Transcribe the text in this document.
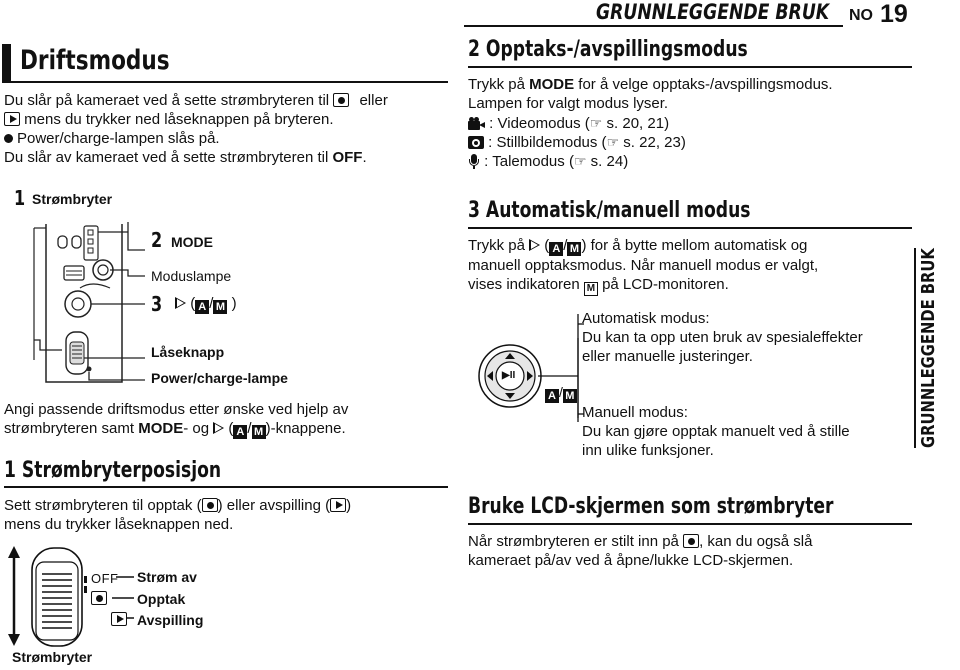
GRUNNLEGGENDE BRUK	NO 19
Driftsmodus
Du slår på kameraet ved å sette strømbryteren til eller
mens du trykker ned låseknappen på bryteren.
Power/charge-lampen slås på.
Du slår av kameraet ved å sette strømbryteren til OFF.
1 Strømbryter
2 MODE
Moduslampe
3 ( A / M )
Låseknapp
Power/charge-lampe
Angi passende driftsmodus etter ønske ved hjelp av
strømbryteren samt MODE- og ( A / M )-knappene.
1 Strømbryterposisjon
Sett strømbryteren til opptak ( ) eller avspilling ( )
mens du trykker låseknappen ned.
OFF
Strøm av
Opptak
Avspilling
Strømbryter
2 Opptaks-/avspillingsmodus
Trykk på MODE for å velge opptaks-/avspillingsmodus.
Lampen for valgt modus lyser.
: Videomodus (☞ s. 20, 21)
: Stillbildemodus (☞ s. 22, 23)
: Talemodus (☞ s. 24)
3 Automatisk/manuell modus
Trykk på ( A / M ) for å bytte mellom automatisk og
manuell opptaksmodus. Når manuell modus er valgt,
vises indikatoren M på LCD-monitoren.
▶II
A / M
Automatisk modus:
Du kan ta opp uten bruk av spesialeffekter
eller manuelle justeringer.
Manuell modus:
Du kan gjøre opptak manuelt ved å stille
inn ulike funksjoner.
Bruke LCD-skjermen som strømbryter
Når strømbryteren er stilt inn på , kan du også slå
kameraet på/av ved å åpne/lukke LCD-skjermen.
GRUNNLEGGENDE BRUK
